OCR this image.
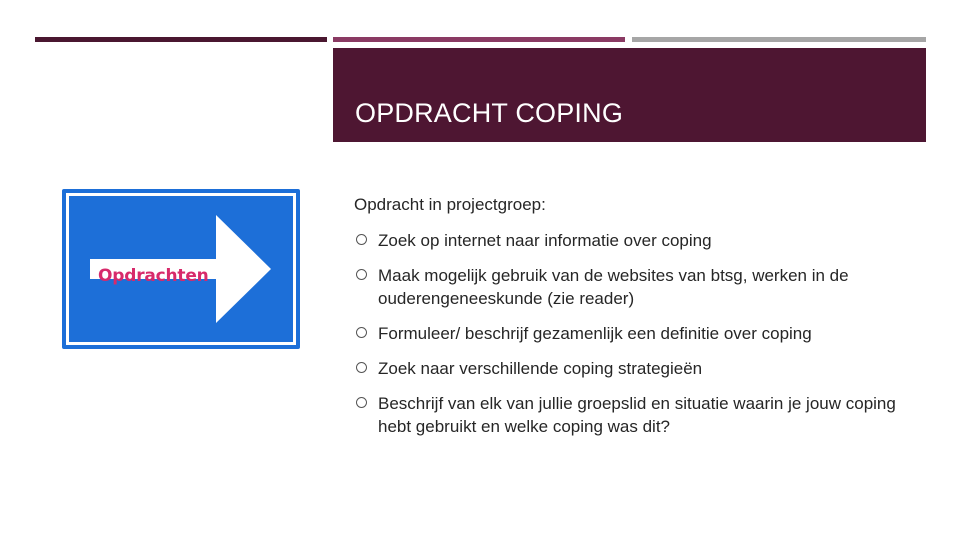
OPDRACHT COPING
Opdrachten
Opdracht in projectgroep:
Zoek op internet naar informatie over coping
Maak mogelijk gebruik van de websites van btsg, werken in de ouderengeneeskunde (zie reader)
Formuleer/ beschrijf gezamenlijk een definitie over coping
Zoek naar verschillende coping strategieën
Beschrijf van elk van jullie groepslid en situatie waarin je jouw coping hebt gebruikt en welke coping was dit?
